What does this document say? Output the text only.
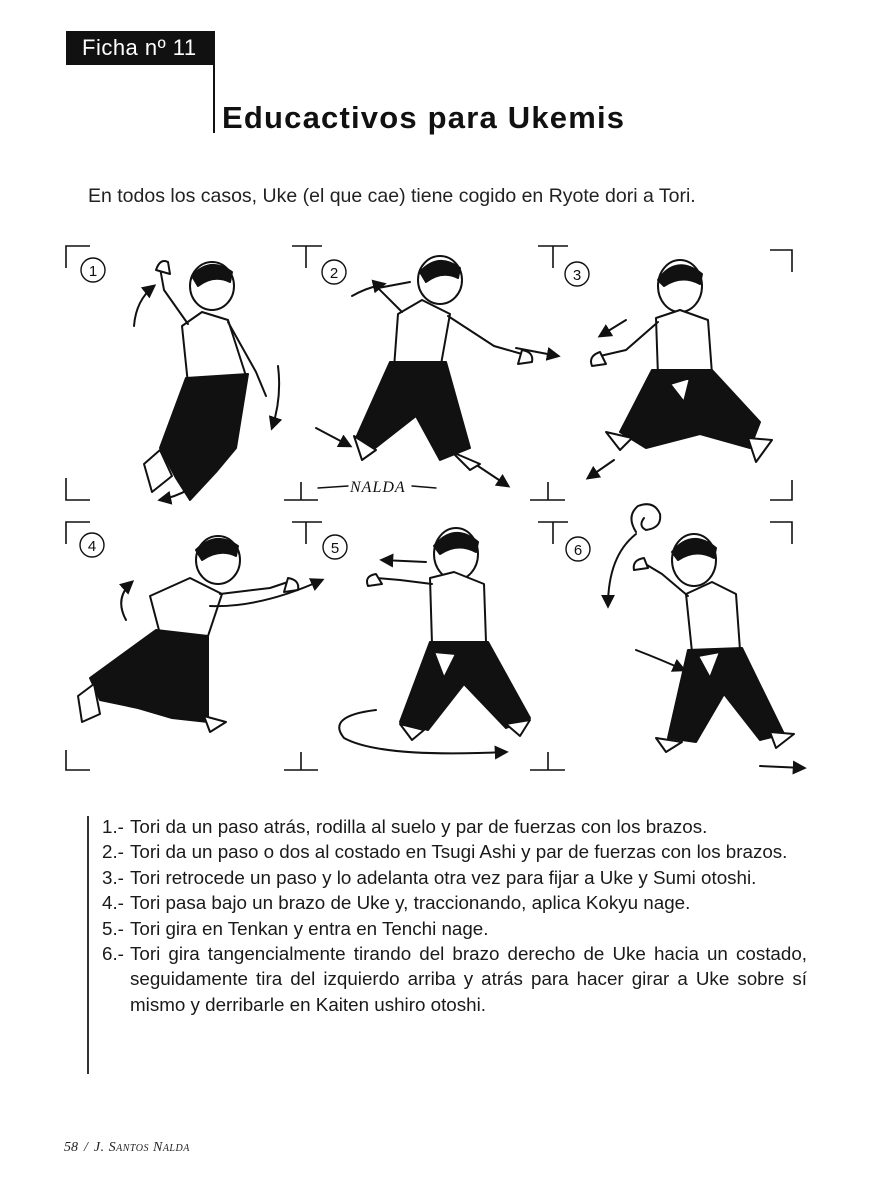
Ficha nº 11
Educactivos para Ukemis
En todos los casos, Uke (el que cae) tiene cogido en Ryote dori a Tori.
1	2	3
4	5	6
NALDA
1.- Tori da un paso atrás, rodilla al suelo y par de fuerzas con los brazos.
2.- Tori da un paso o dos al costado en Tsugi Ashi y par de fuerzas con los brazos.
3.- Tori retrocede un paso y lo adelanta otra vez para fijar a Uke y Sumi otoshi.
4.- Tori pasa bajo un brazo de Uke y, traccionando, aplica Kokyu nage.
5.- Tori gira en Tenkan y entra en Tenchi nage.
6.- Tori gira tangencialmente tirando del brazo derecho de Uke hacia un costado, seguidamente tira del izquierdo arriba y atrás para hacer girar a Uke sobre sí mismo y derribarle en Kaiten ushiro otoshi.
58 / J. Santos Nalda
